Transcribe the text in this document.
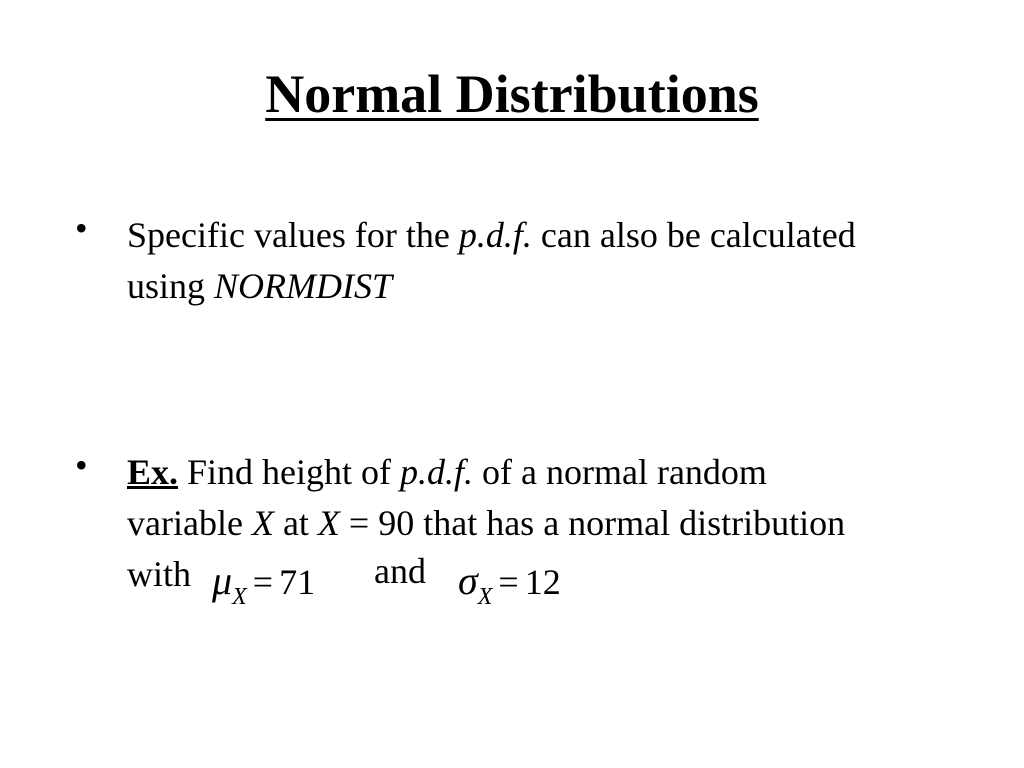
Normal Distributions
• Specific values for the p.d.f. can also be calculated
using NORMDIST
• Ex. Find height of p.d.f. of a normal random
variable X at X = 90 that has a normal distribution
with $\mu_X = 71$ and $\sigma_X = 12$
